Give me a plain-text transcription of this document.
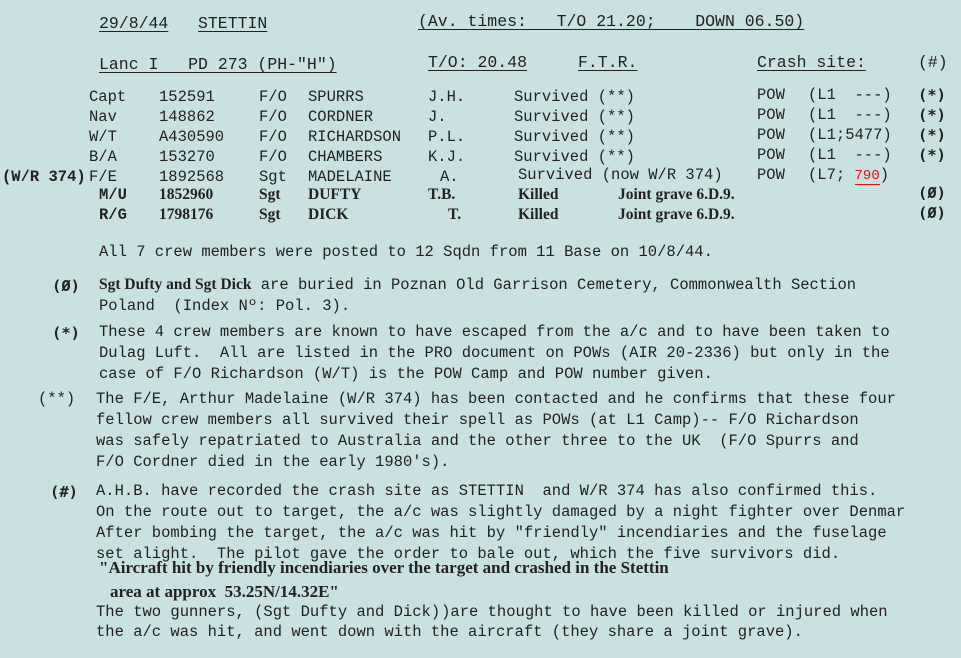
29/8/44 STETTIN	(Av. times:   T/O 21.20;    DOWN 06.50)
Lanc I   PD 273 (PH-"H")	T/O: 20.48	F.T.R.	Crash site:	(#)
Capt 152591	F/O SPURRS	J.H.	Survived (**)	POW (L1  ---) (*)
Nav	148862	F/O CORDNER	J.	Survived (**)	POW (L1  ---) (*)
W/T	A430590 F/O RICHARDSON P.L.	Survived (**)	POW (L1;5477) (*)
B/A	153270	F/O CHAMBERS	K.J.	Survived (**)	POW (L1  ---) (*)
(W/R 374) F/E	1892568 Sgt MADELAINE	A.	Survived (now W/R 374) POW (L7; 790)
M/U 1852960	Sgt DUFTY	T.B.	Killed	Joint grave 6.D.9.	(Ø)
R/G 1798176	Sgt DICK	T.	Killed	Joint grave 6.D.9.	(Ø)
All 7 crew members were posted to 12 Sqdn from 11 Base on 10/8/44.
(Ø) Sgt Dufty and Sgt Dick are buried in Poznan Old Garrison Cemetery, Commonwealth Section
Poland  (Index Nº: Pol. 3).
(*) These 4 crew members are known to have escaped from the a/c and to have been taken to
Dulag Luft.  All are listed in the PRO document on POWs (AIR 20-2336) but only in the
case of F/O Richardson (W/T) is the POW Camp and POW number given.
(**) The F/E, Arthur Madelaine (W/R 374) has been contacted and he confirms that these four
fellow crew members all survived their spell as POWs (at L1 Camp)-- F/O Richardson
was safely repatriated to Australia and the other three to the UK  (F/O Spurrs and
F/O Cordner died in the early 1980's).
(#) A.H.B. have recorded the crash site as STETTIN  and W/R 374 has also confirmed this.
On the route out to target, the a/c was slightly damaged by a night fighter over Denmar
After bombing the target, the a/c was hit by "friendly" incendiaries and the fuselage
set alight.  The pilot gave the order to bale out, which the five survivors did.
"Aircraft hit by friendly incendiaries over the target and crashed in the Stettin
area at approx  53.25N/14.32E"
The two gunners, (Sgt Dufty and Dick) )are thought to have been killed or injured when
the a/c was hit, and went down with the aircraft (they share a joint grave).
